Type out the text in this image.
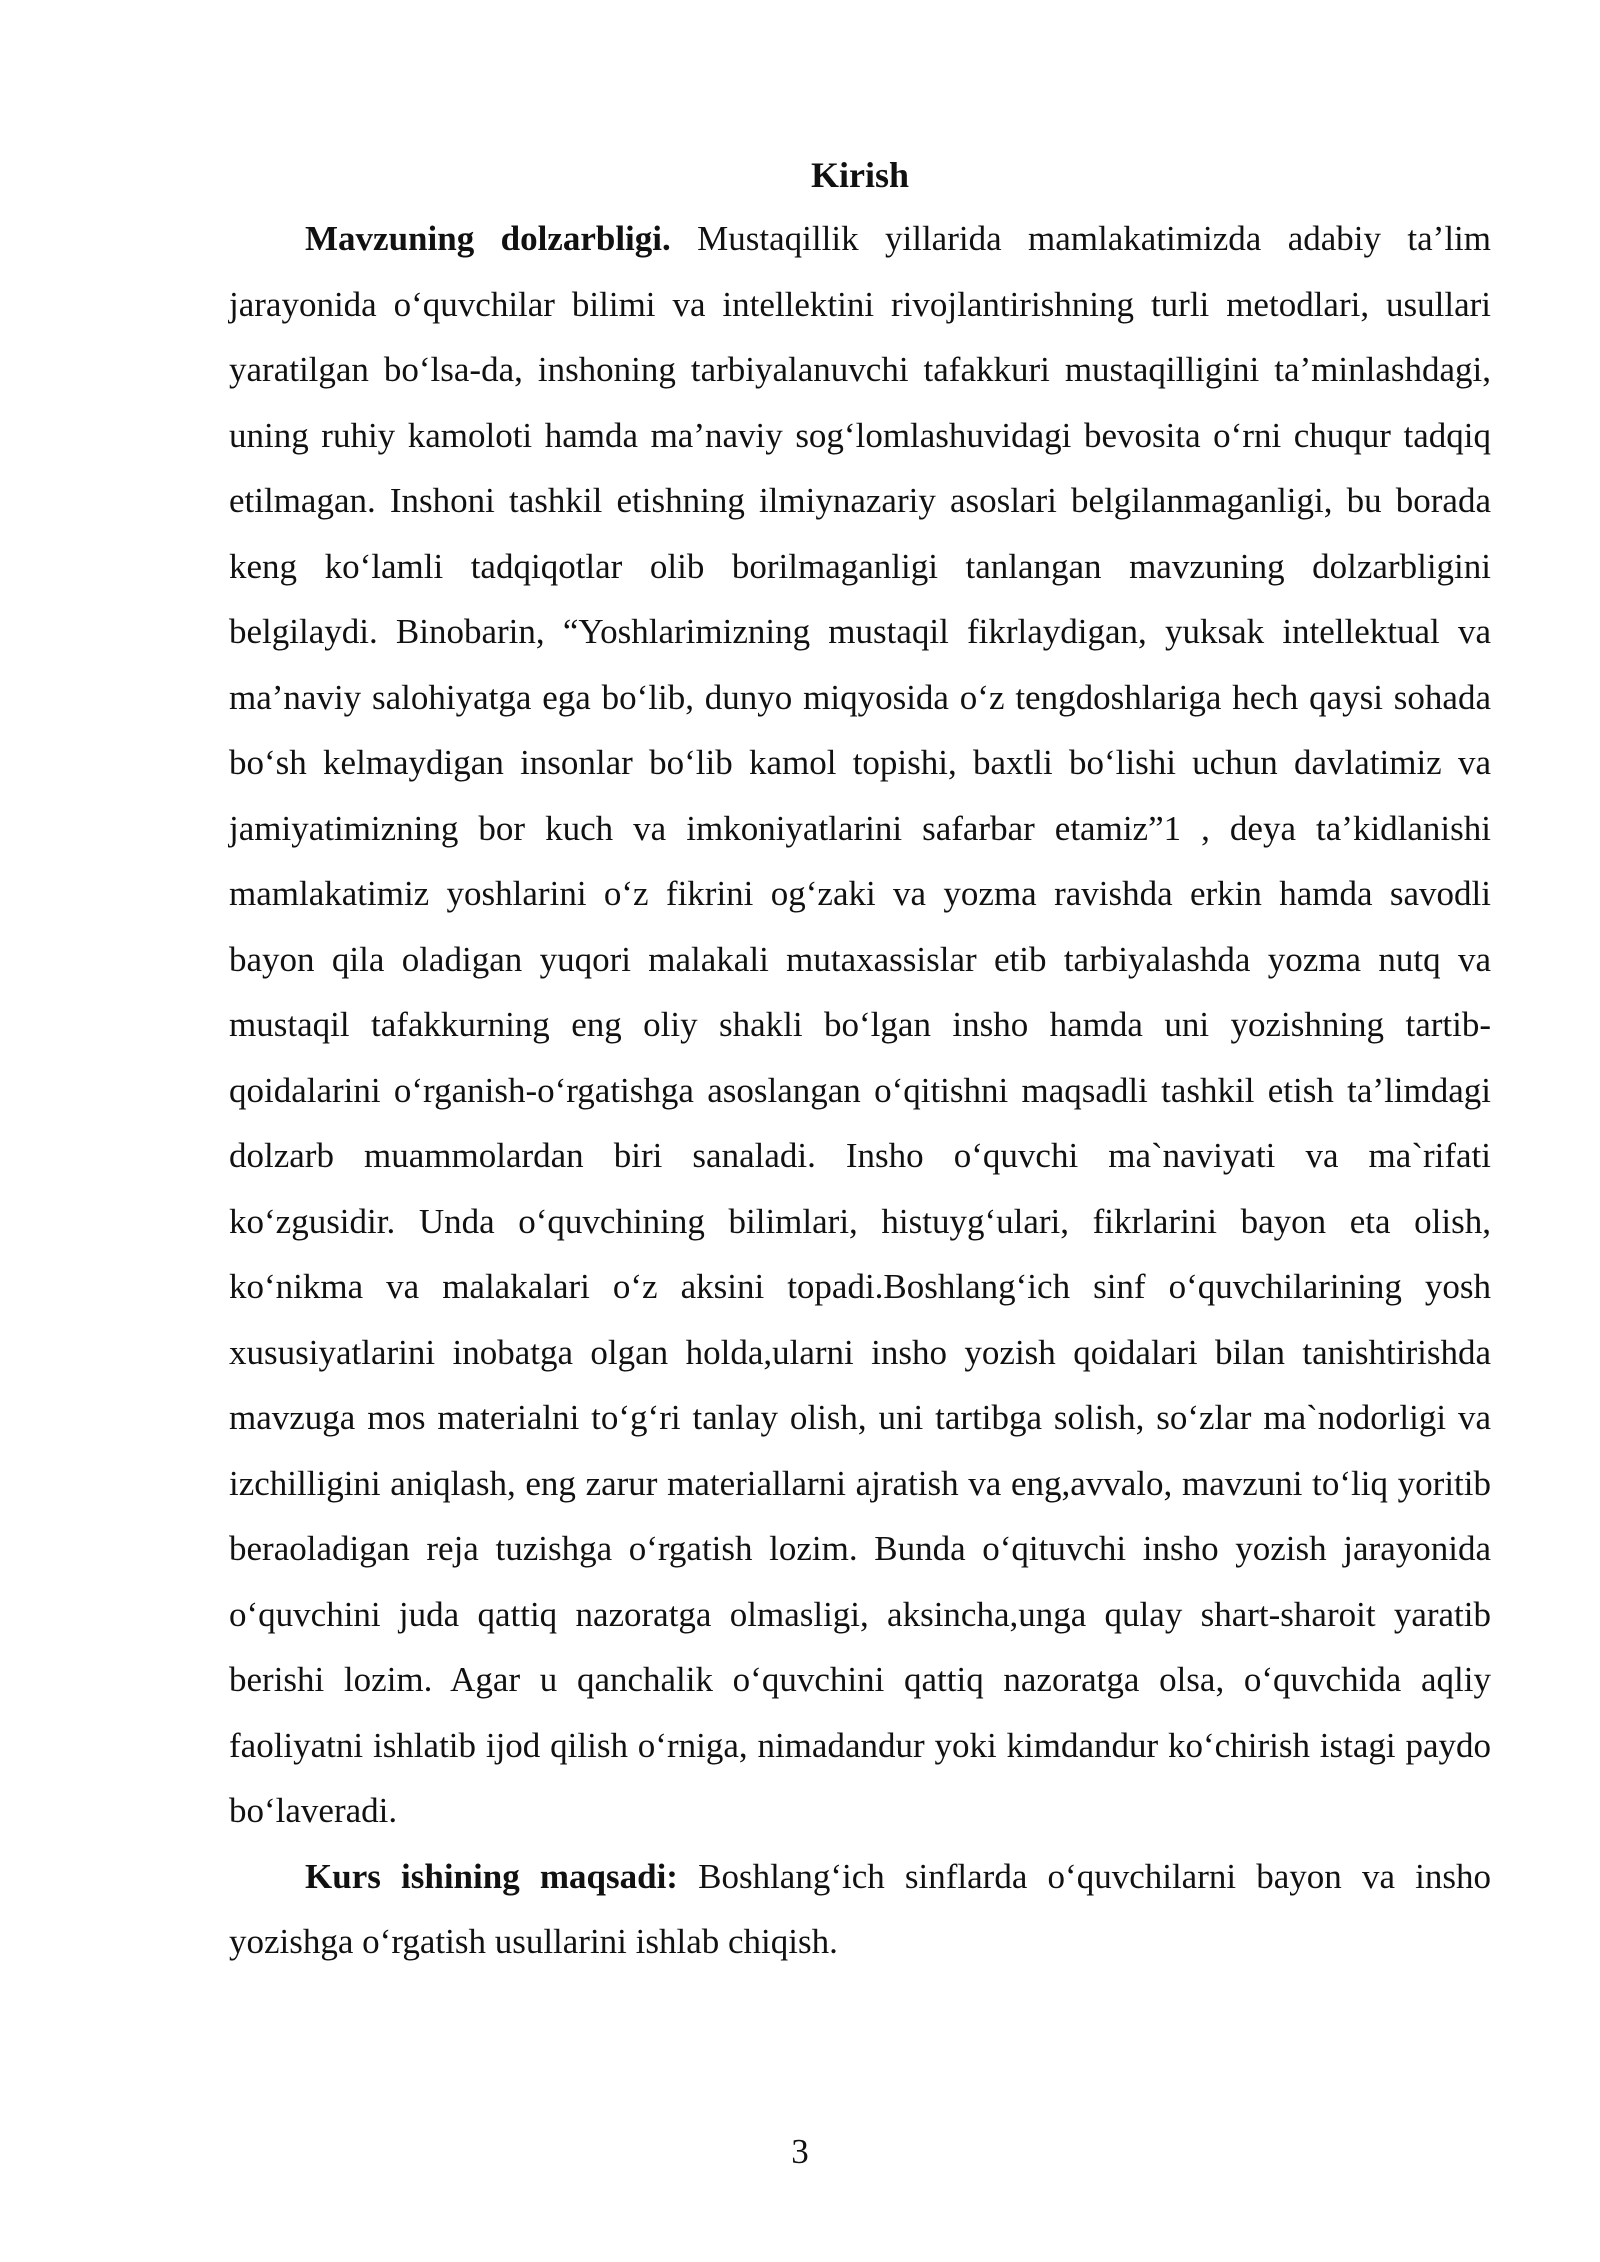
Kirish

Mavzuning dolzarbligi. Mustaqillik yillarida mamlakatimizda adabiy ta’lim jarayonida o‘quvchilar bilimi va intellektini rivojlantirishning turli metodlari, usullari yaratilgan bo‘lsa-da, inshoning tarbiyalanuvchi tafakkuri mustaqilligini ta’minlashdagi, uning ruhiy kamoloti hamda ma’naviy sog‘lomlashuvidagi bevosita o‘rni chuqur tadqiq etilmagan. Inshoni tashkil etishning ilmiynazariy asoslari belgilanmaganligi, bu borada keng ko‘lamli tadqiqotlar olib borilmaganligi tanlangan mavzuning dolzarbligini belgilaydi. Binobarin, “Yoshlarimizning mustaqil fikrlaydigan, yuksak intellektual va ma’naviy salohiyatga ega bo‘lib, dunyo miqyosida o‘z tengdoshlariga hech qaysi sohada bo‘sh kelmaydigan insonlar bo‘lib kamol topishi, baxtli bo‘lishi uchun davlatimiz va jamiyatimizning bor kuch va imkoniyatlarini safarbar etamiz”1 , deya ta’kidlanishi mamlakatimiz yoshlarini o‘z fikrini og‘zaki va yozma ravishda erkin hamda savodli bayon qila oladigan yuqori malakali mutaxassislar etib tarbiyalashda yozma nutq va mustaqil tafakkurning eng oliy shakli bo‘lgan insho hamda uni yozishning tartib-qoidalarini o‘rganish-o‘rgatishga asoslangan o‘qitishni maqsadli tashkil etish ta’limdagi dolzarb muammolardan biri sanaladi. Insho o‘quvchi ma`naviyati va ma`rifati ko‘zgusidir. Unda o‘quvchining bilimlari, histuyg‘ulari, fikrlarini bayon eta olish, ko‘nikma va malakalari o‘z aksini topadi.Boshlang‘ich sinf o‘quvchilarining yosh xususiyatlarini inobatga olgan holda,ularni insho yozish qoidalari bilan tanishtirishda mavzuga mos materialni to‘g‘ri tanlay olish, uni tartibga solish, so‘zlar ma`nodorligi va izchilligini aniqlash, eng zarur materiallarni ajratish va eng,avvalo, mavzuni to‘liq yoritib beraoladigan reja tuzishga o‘rgatish lozim. Bunda o‘qituvchi insho yozish jarayonida o‘quvchini juda qattiq nazoratga olmasligi, aksincha,unga qulay shart-sharoit yaratib berishi lozim. Agar u qanchalik o‘quvchini qattiq nazoratga olsa, o‘quvchida aqliy faoliyatni ishlatib ijod qilish o‘rniga, nimadandur yoki kimdandur ko‘chirish istagi paydo bo‘laveradi.

Kurs ishining maqsadi: Boshlang‘ich sinflarda o‘quvchilarni bayon va insho yozishga o‘rgatish usullarini ishlab chiqish.

3
